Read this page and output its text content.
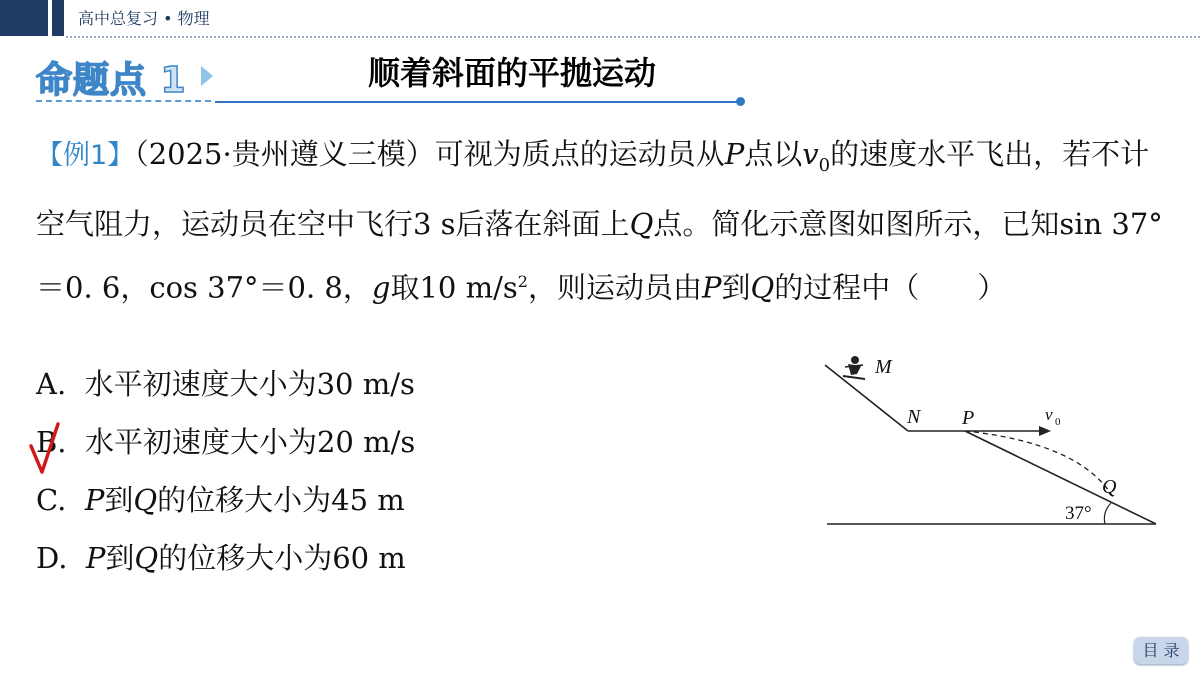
高中总复习 • 物理
命题点 1	顺着斜面的平抛运动
【例1】（2025·贵州遵义三模）可视为质点的运动员从P点以$v_0$的速度水平飞出，若不计空气阻力，运动员在空中飞行3 s后落在斜面上Q点。简化示意图如图所示，已知sin 37°＝0. 6，cos 37°＝0. 8，g取10 $m/s^2$，则运动员由P到Q的过程中（　　）
A. 水平初速度大小为30 m/s
B. 水平初速度大小为20 m/s
C. P到Q的位移大小为45 m
D. P到Q的位移大小为60 m
M
N P	v 0
Q
37°
目 录
